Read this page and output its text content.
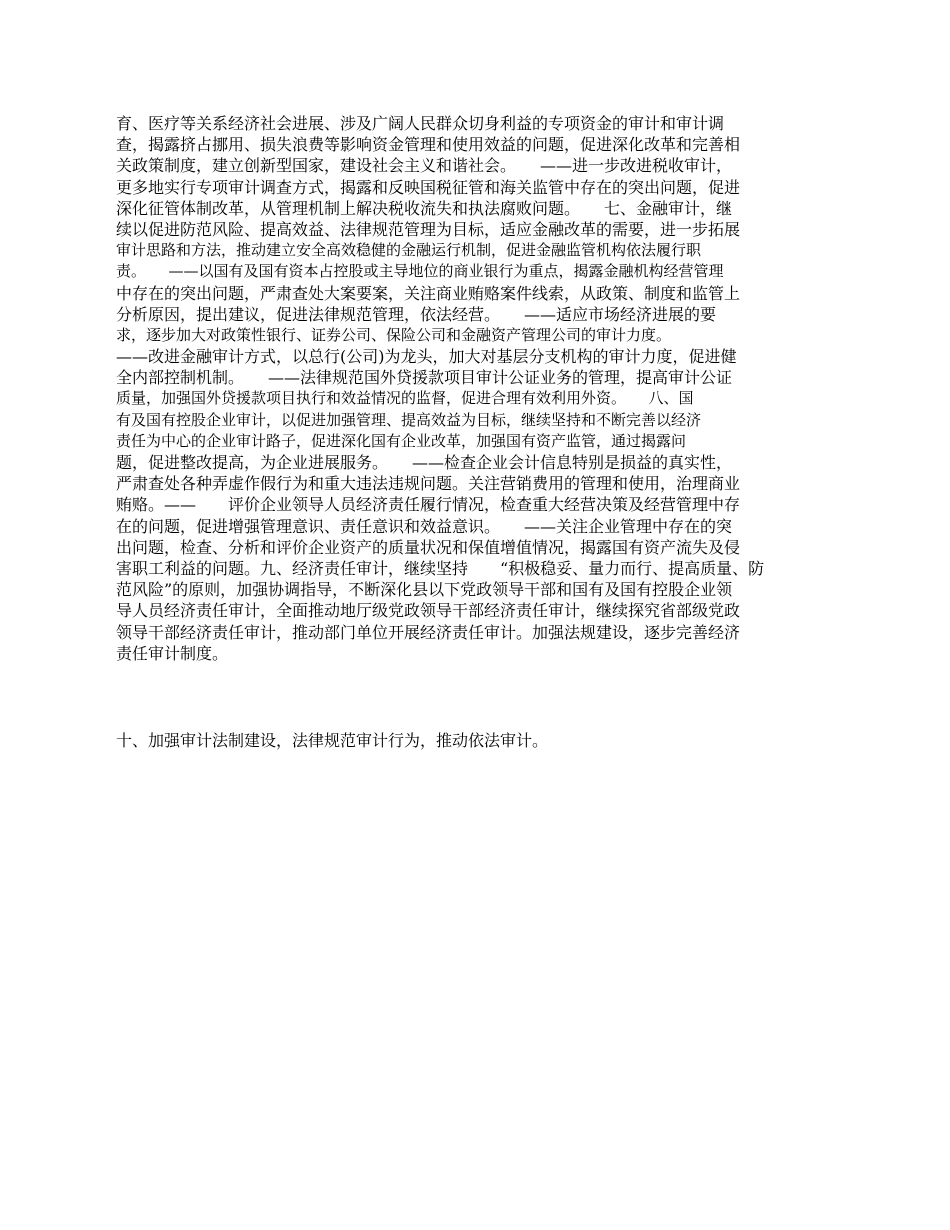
育、医疗等关系经济社会进展、涉及广阔人民群众切身利益的专项资金的审计和审计调
查，揭露挤占挪用、损失浪费等影响资金管理和使用效益的问题，促进深化改革和完善相
关政策制度，建立创新型国家，建设社会主义和谐社会。　　——进一步改进税收审计，
更多地实行专项审计调查方式，揭露和反映国税征管和海关监管中存在的突出问题，促进
深化征管体制改革，从管理机制上解决税收流失和执法腐败问题。　　七、金融审计，继
续以促进防范风险、提高效益、法律规范管理为目标，适应金融改革的需要，进一步拓展
审计思路和方法，推动建立安全高效稳健的金融运行机制，促进金融监管机构依法履行职
责。　　——以国有及国有资本占控股或主导地位的商业银行为重点，揭露金融机构经营管理
中存在的突出问题，严肃查处大案要案，关注商业贿赂案件线索，从政策、制度和监管上
分析原因，提出建议，促进法律规范管理，依法经营。　　——适应市场经济进展的要
求，逐步加大对政策性银行、证券公司、保险公司和金融资产管理公司的审计力度。
——改进金融审计方式，以总行(公司)为龙头，加大对基层分支机构的审计力度，促进健
全内部控制机制。　　——法律规范国外贷援款项目审计公证业务的管理，提高审计公证
质量，加强国外贷援款项目执行和效益情况的监督，促进合理有效利用外资。　　八、国
有及国有控股企业审计，以促进加强管理、提高效益为目标，继续坚持和不断完善以经济
责任为中心的企业审计路子，促进深化国有企业改革，加强国有资产监管，通过揭露问
题，促进整改提高，为企业进展服务。　　——检查企业会计信息特别是损益的真实性，
严肃查处各种弄虚作假行为和重大违法违规问题。关注营销费用的管理和使用，治理商业
贿赂。——　　评价企业领导人员经济责任履行情况，检查重大经营决策及经营管理中存
在的问题，促进增强管理意识、责任意识和效益意识。　　——关注企业管理中存在的突
出问题，检查、分析和评价企业资产的质量状况和保值增值情况，揭露国有资产流失及侵
害职工利益的问题。九、经济责任审计，继续坚持　　“积极稳妥、量力而行、提高质量、防
范风险”的原则，加强协调指导，不断深化县以下党政领导干部和国有及国有控股企业领
导人员经济责任审计，全面推动地厅级党政领导干部经济责任审计，继续探究省部级党政
领导干部经济责任审计，推动部门单位开展经济责任审计。加强法规建设，逐步完善经济
责任审计制度。
十、加强审计法制建设，法律规范审计行为，推动依法审计。
